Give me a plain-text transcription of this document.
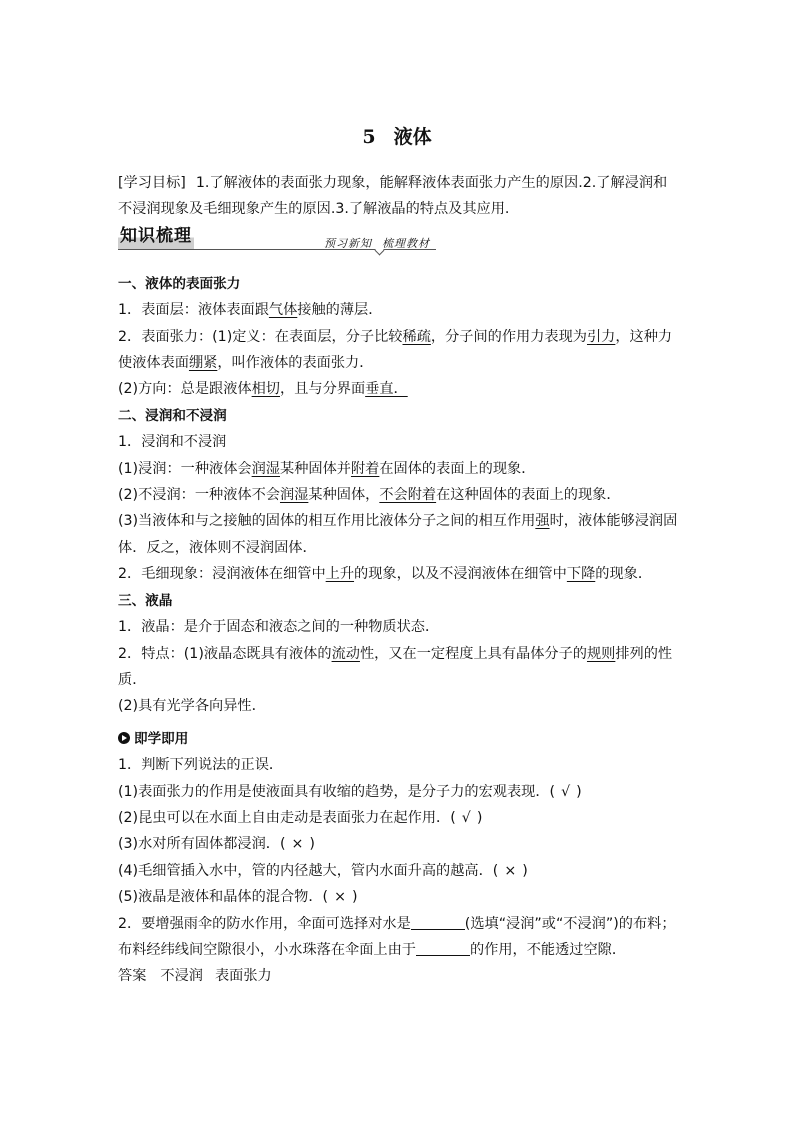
5 液体

[学习目标] 1.了解液体的表面张力现象，能解释液体表面张力产生的原因.2.了解浸润和不浸润现象及毛细现象产生的原因.3.了解液晶的特点及其应用.

知识梳理	预习新知 梳理教材

一、液体的表面张力

1．表面层：液体表面跟气体接触的薄层．

2．表面张力：(1)定义：在表面层，分子比较稀疏，分子间的作用力表现为引力，这种力使液体表面绷紧，叫作液体的表面张力．

(2)方向：总是跟液体相切，且与分界面垂直．

二、浸润和不浸润

1．浸润和不浸润

(1)浸润：一种液体会润湿某种固体并附着在固体的表面上的现象．

(2)不浸润：一种液体不会润湿某种固体，不会附着在这种固体的表面上的现象．

(3)当液体和与之接触的固体的相互作用比液体分子之间的相互作用强时，液体能够浸润固体．反之，液体则不浸润固体．

2．毛细现象：浸润液体在细管中上升的现象，以及不浸润液体在细管中下降的现象．

三、液晶

1．液晶：是介于固态和液态之间的一种物质状态．

2．特点：(1)液晶态既具有液体的流动性，又在一定程度上具有晶体分子的规则排列的性质．

(2)具有光学各向异性．

即学即用

1．判断下列说法的正误．

(1)表面张力的作用是使液面具有收缩的趋势，是分子力的宏观表现．( √ )

(2)昆虫可以在水面上自由走动是表面张力在起作用．( √ )

(3)水对所有固体都浸润．( × )

(4)毛细管插入水中，管的内径越大，管内水面升高的越高．( × )

(5)液晶是液体和晶体的混合物．( × )

2．要增强雨伞的防水作用，伞面可选择对水是	(选填“浸润”或“不浸润”)的布料；布料经纬线间空隙很小，小水珠落在伞面上由于	的作用，不能透过空隙．

答案 不浸润 表面张力
